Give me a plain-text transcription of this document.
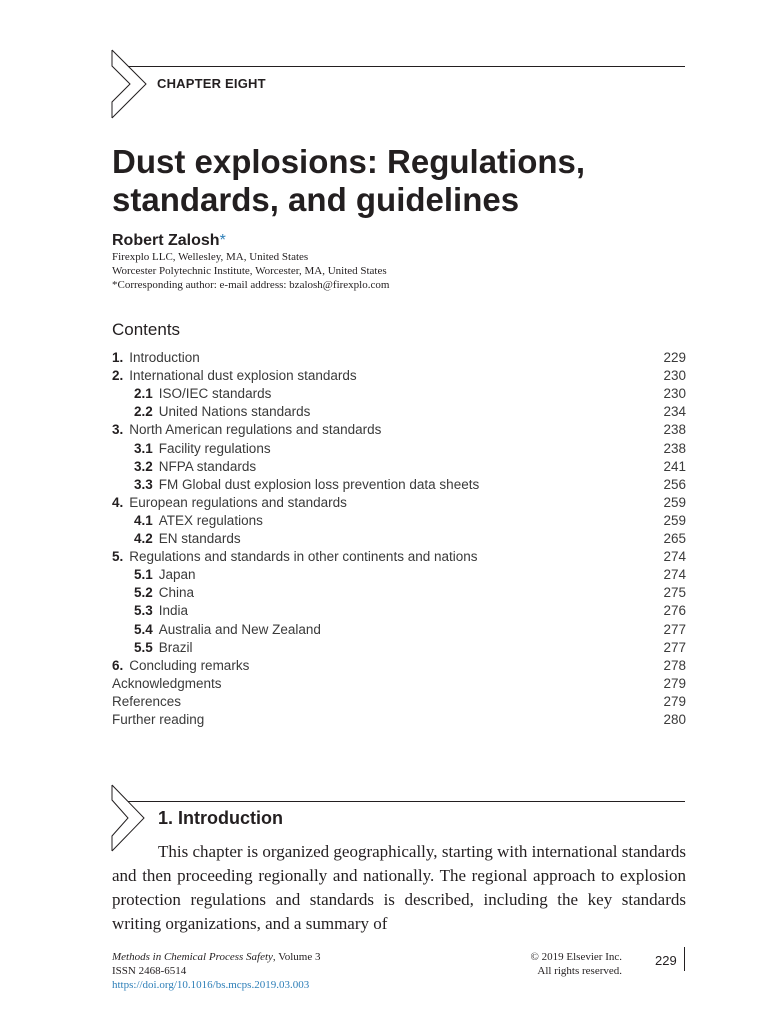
CHAPTER EIGHT
Dust explosions: Regulations, standards, and guidelines
Robert Zalosh*
Firexplo LLC, Wellesley, MA, United States
Worcester Polytechnic Institute, Worcester, MA, United States
*Corresponding author: e-mail address: bzalosh@firexplo.com
Contents
1. Introduction	229
2. International dust explosion standards	230
2.1 ISO/IEC standards	230
2.2 United Nations standards	234
3. North American regulations and standards	238
3.1 Facility regulations	238
3.2 NFPA standards	241
3.3 FM Global dust explosion loss prevention data sheets	256
4. European regulations and standards	259
4.1 ATEX regulations	259
4.2 EN standards	265
5. Regulations and standards in other continents and nations	274
5.1 Japan	274
5.2 China	275
5.3 India	276
5.4 Australia and New Zealand	277
5.5 Brazil	277
6. Concluding remarks	278
Acknowledgments	279
References	279
Further reading	280
1. Introduction

This chapter is organized geographically, starting with international standards and then proceeding regionally and nationally. The regional approach to explosion protection regulations and standards is described, including the key standards writing organizations, and a summary of

Methods in Chemical Process Safety, Volume 3
ISSN 2468-6514
https://doi.org/10.1016/bs.mcps.2019.03.003
© 2019 Elsevier Inc.
All rights reserved.
229
